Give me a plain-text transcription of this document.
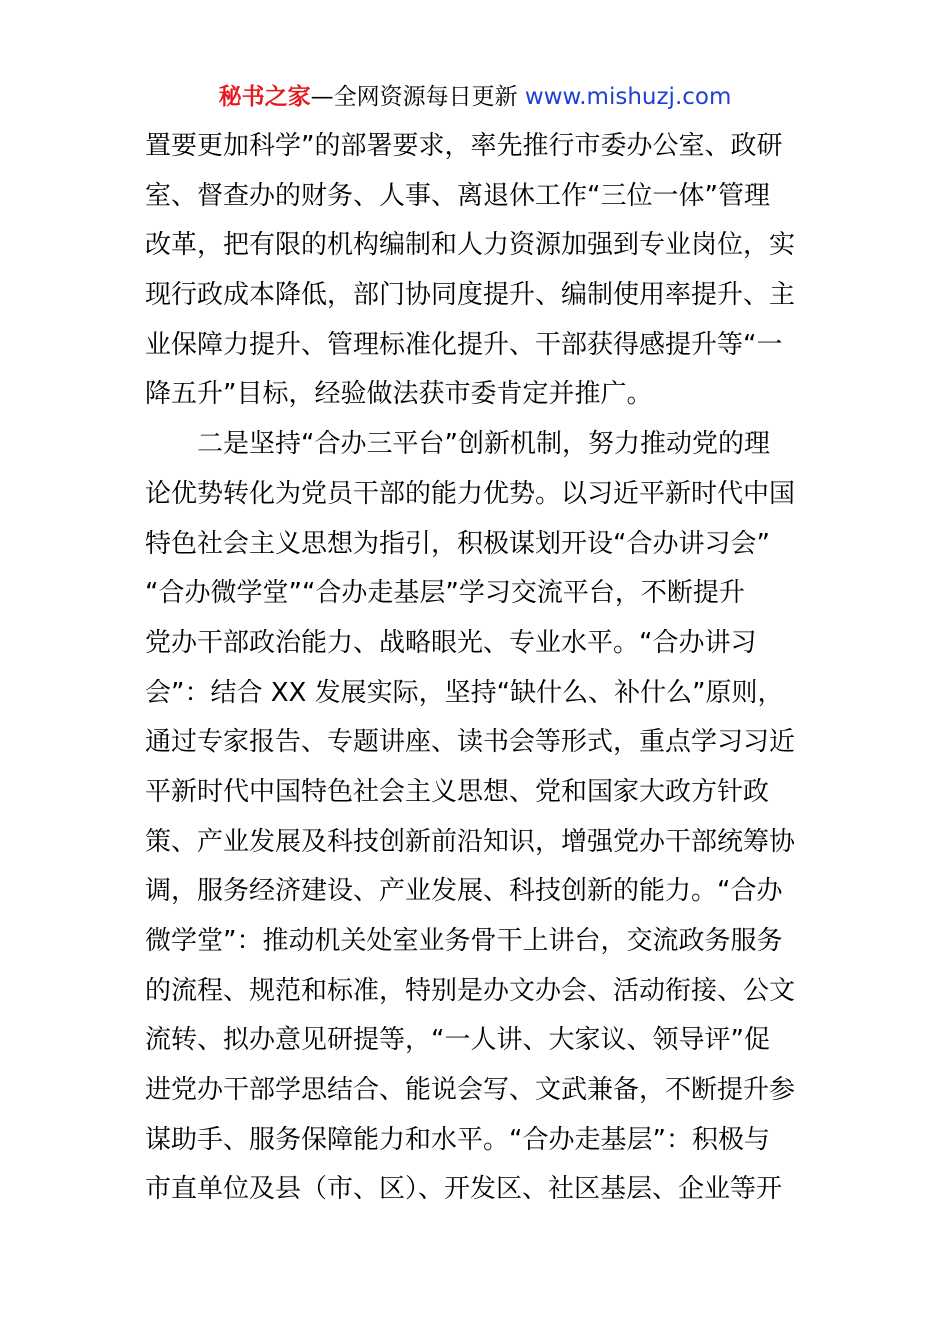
秘书之家—全网资源每日更新 www.mishuzj.com
置要更加科学”的部署要求，率先推行市委办公室、政研
室、督查办的财务、人事、离退休工作“三位一体”管理
改革，把有限的机构编制和人力资源加强到专业岗位，实
现行政成本降低，部门协同度提升、编制使用率提升、主
业保障力提升、管理标准化提升、干部获得感提升等“一
降五升”目标，经验做法获市委肯定并推广。
二是坚持“合办三平台”创新机制，努力推动党的理
论优势转化为党员干部的能力优势。以习近平新时代中国
特色社会主义思想为指引，积极谋划开设“合办讲习会”
“合办微学堂”“合办走基层”学习交流平台，不断提升
党办干部政治能力、战略眼光、专业水平。“合办讲习
会”：结合 XX 发展实际，坚持“缺什么、补什么”原则，
通过专家报告、专题讲座、读书会等形式，重点学习习近
平新时代中国特色社会主义思想、党和国家大政方针政
策、产业发展及科技创新前沿知识，增强党办干部统筹协
调，服务经济建设、产业发展、科技创新的能力。“合办
微学堂”：推动机关处室业务骨干上讲台，交流政务服务
的流程、规范和标准，特别是办文办会、活动衔接、公文
流转、拟办意见研提等，“一人讲、大家议、领导评”促
进党办干部学思结合、能说会写、文武兼备，不断提升参
谋助手、服务保障能力和水平。“合办走基层”：积极与
市直单位及县（市、区）、开发区、社区基层、企业等开
